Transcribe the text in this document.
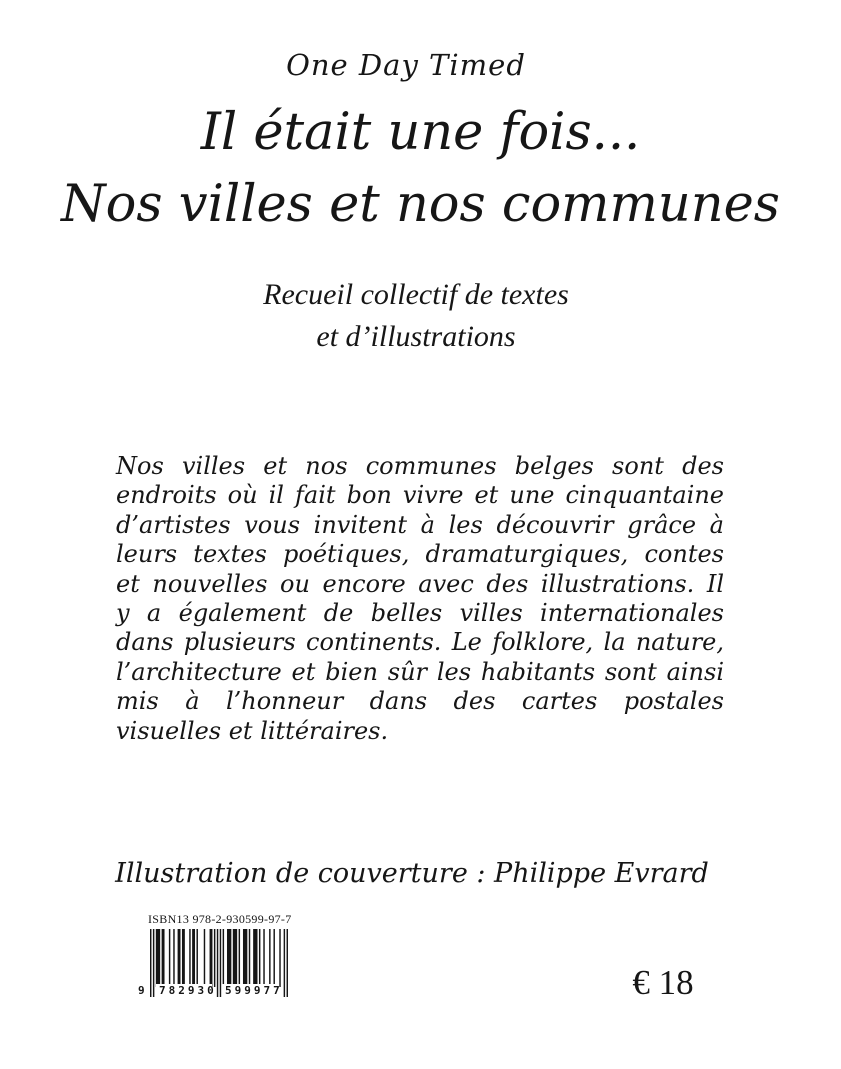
One Day Timed
Il était une fois...
Nos villes et nos communes
Recueil collectif de textes
et d’illustrations
Nos villes et nos communes belges sont des
endroits où il fait bon vivre et une cinquantaine
d’artistes vous invitent à les découvrir grâce à
leurs textes poétiques, dramaturgiques, contes
et nouvelles ou encore avec des illustrations. Il
y a également de belles villes internationales
dans plusieurs continents. Le folklore, la nature,
l’architecture et bien sûr les habitants sont ainsi
mis à l’honneur dans des cartes postales
visuelles et littéraires.
Illustration de couverture : Philippe Evrard
ISBN13 978-2-930599-97-7
9 782930 599977	€ 18
